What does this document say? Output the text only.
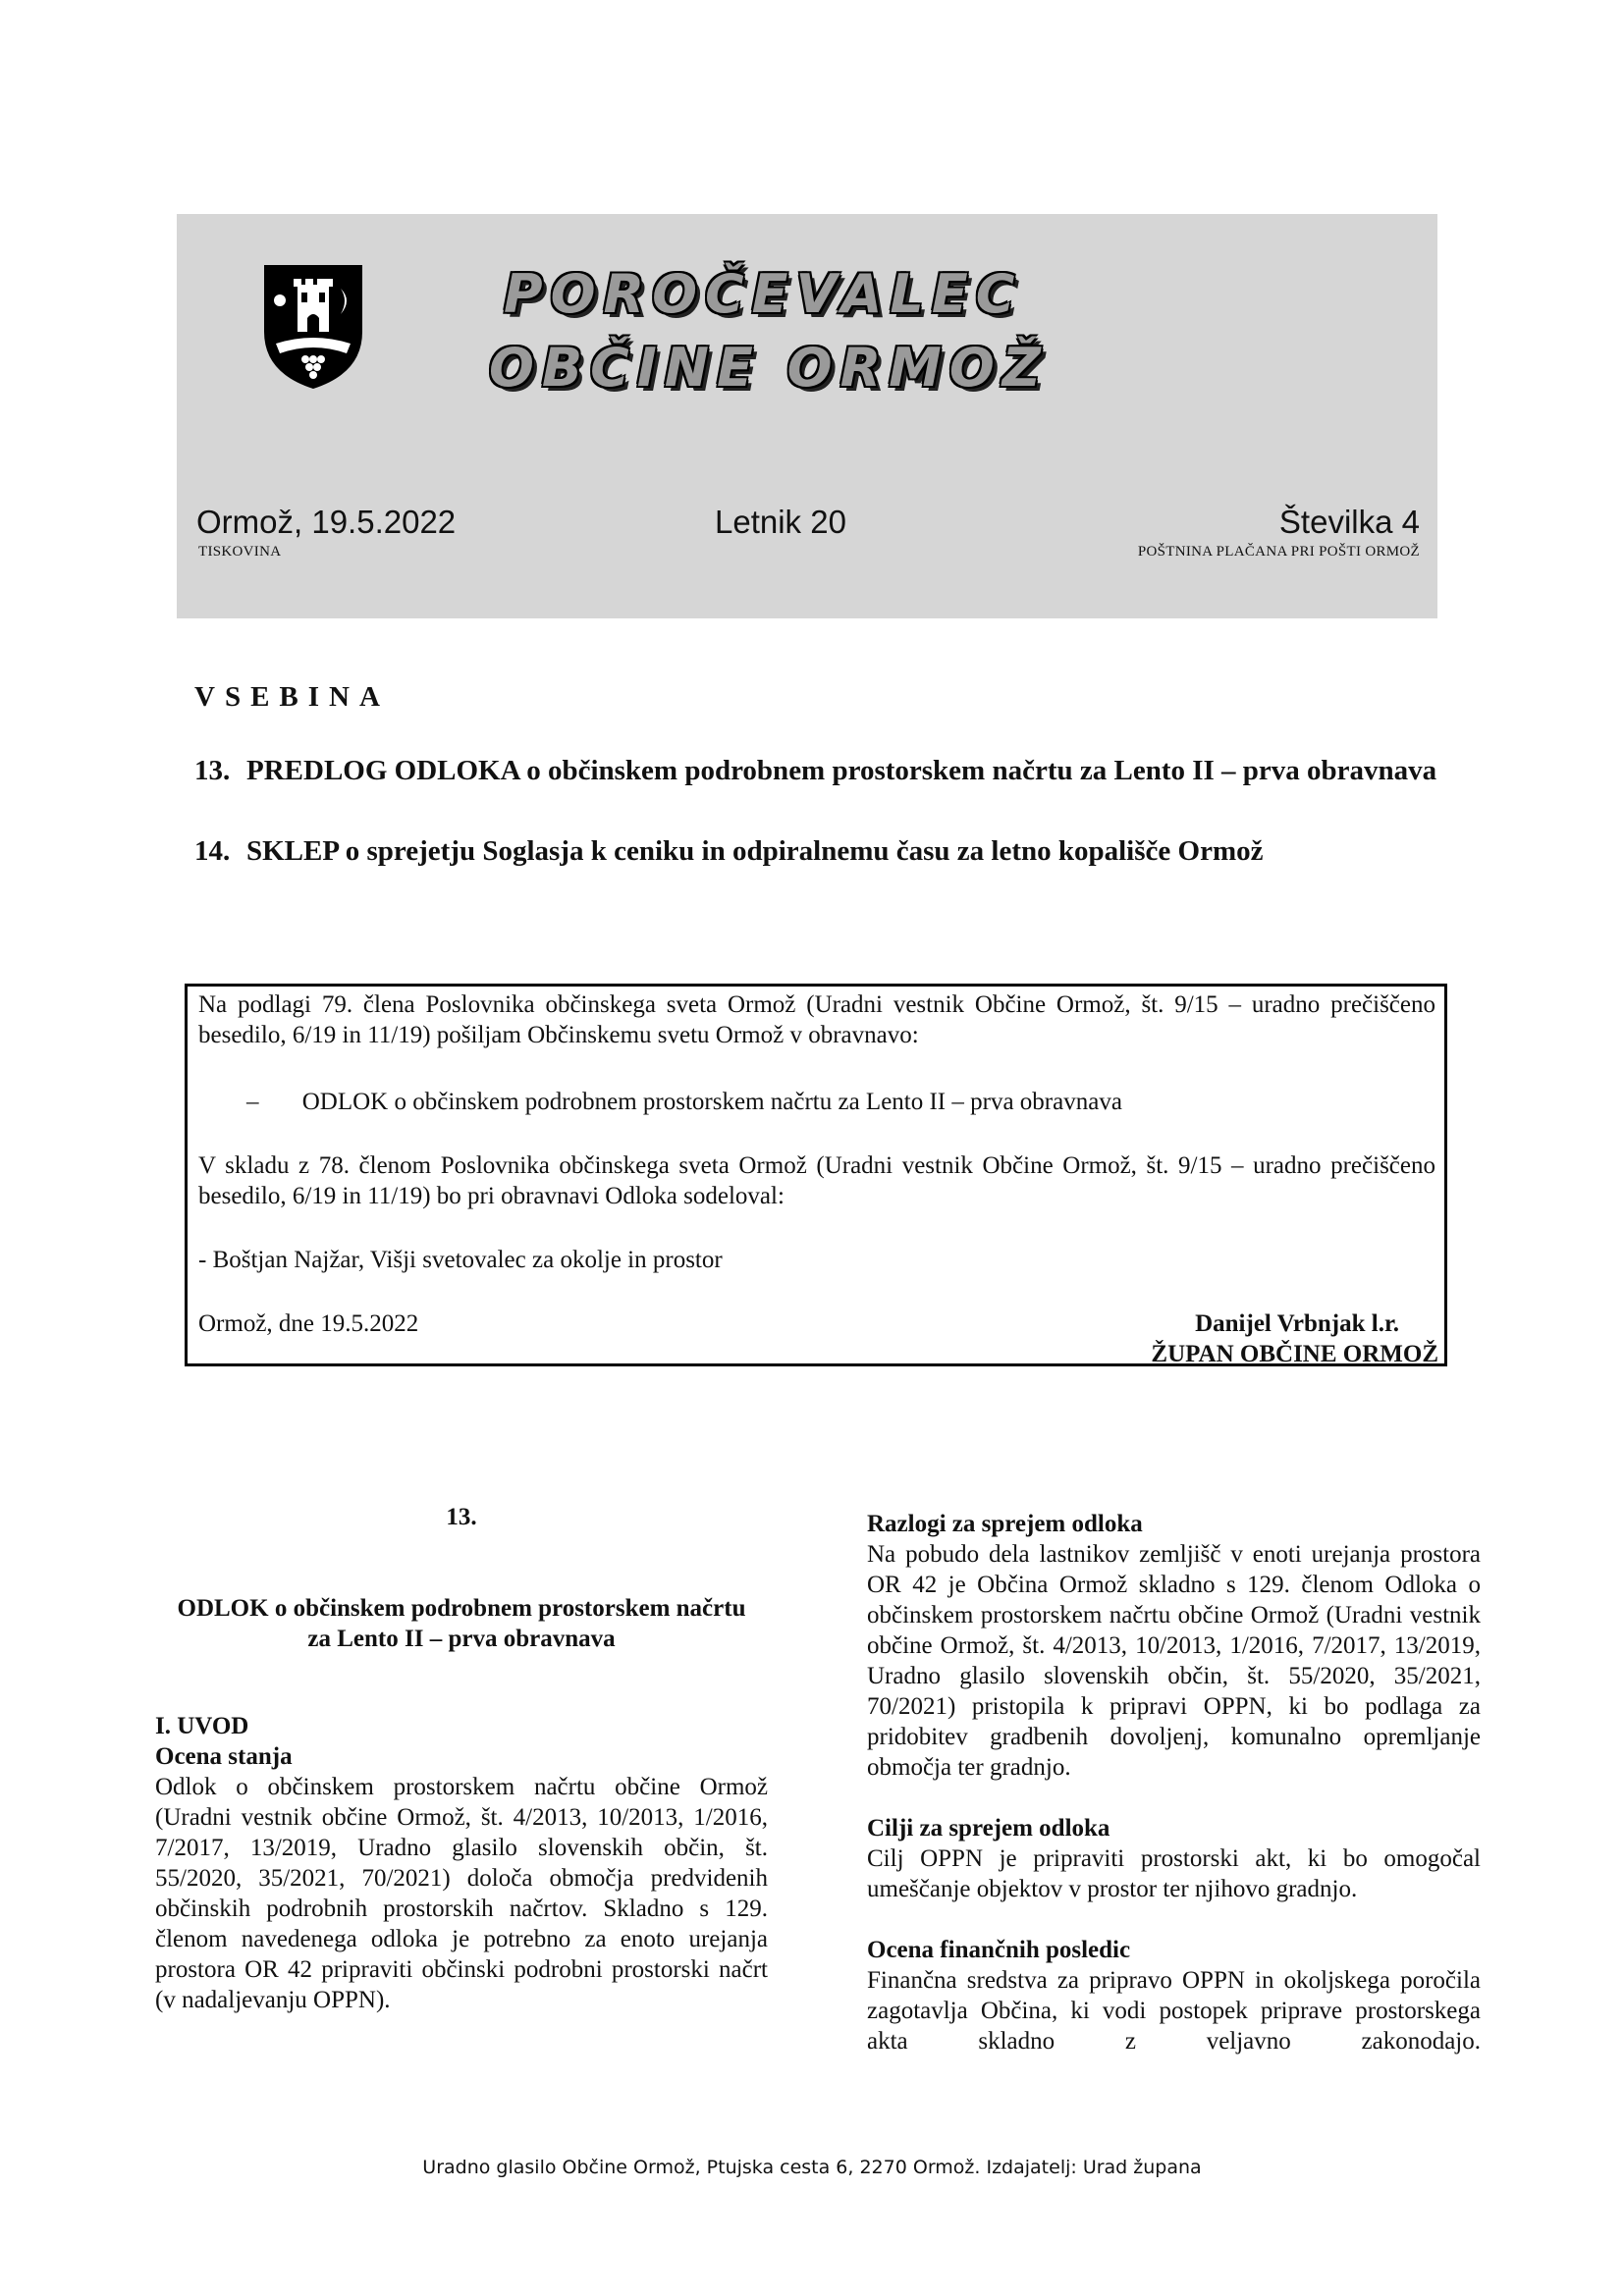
POROČEVALEC
OBČINE ORMOŽ
Ormož, 19.5.2022
TISKOVINA
Letnik 20	Številka 4
POŠTNINA PLAČANA PRI POŠTI ORMOŽ
VSEBINA
13. PREDLOG ODLOKA o občinskem podrobnem prostorskem načrtu za Lento II – prva obravnava
14. SKLEP o sprejetju Soglasja k ceniku in odpiralnemu času za letno kopališče Ormož
Na podlagi 79. člena Poslovnika občinskega sveta Ormož (Uradni vestnik Občine Ormož, št. 9/15 – uradno prečiščeno besedilo, 6/19 in 11/19) pošiljam Občinskemu svetu Ormož v obravnavo:
– ODLOK o občinskem podrobnem prostorskem načrtu za Lento II – prva obravnava
V skladu z 78. členom Poslovnika občinskega sveta Ormož (Uradni vestnik Občine Ormož, št. 9/15 – uradno prečiščeno besedilo, 6/19 in 11/19) bo pri obravnavi Odloka sodeloval:
- Boštjan Najžar, Višji svetovalec za okolje in prostor
Ormož, dne 19.5.2022	Danijel Vrbnjak l.r.
ŽUPAN OBČINE ORMOŽ
13.
ODLOK o občinskem podrobnem prostorskem načrtu za Lento II – prva obravnava
I. UVOD
Ocena stanja
Odlok o občinskem prostorskem načrtu občine Ormož (Uradni vestnik občine Ormož, št. 4/2013, 10/2013, 1/2016, 7/2017, 13/2019, Uradno glasilo slovenskih občin, št. 55/2020, 35/2021, 70/2021) določa območja predvidenih občinskih podrobnih prostorskih načrtov. Skladno s 129. členom navedenega odloka je potrebno za enoto urejanja prostora OR 42 pripraviti občinski podrobni prostorski načrt (v nadaljevanju OPPN).
Razlogi za sprejem odloka
Na pobudo dela lastnikov zemljišč v enoti urejanja prostora OR 42 je Občina Ormož skladno s 129. členom Odloka o občinskem prostorskem načrtu občine Ormož (Uradni vestnik občine Ormož, št. 4/2013, 10/2013, 1/2016, 7/2017, 13/2019, Uradno glasilo slovenskih občin, št. 55/2020, 35/2021, 70/2021) pristopila k pripravi OPPN, ki bo podlaga za pridobitev gradbenih dovoljenj, komunalno opremljanje območja ter gradnjo.
Cilji za sprejem odloka
Cilj OPPN je pripraviti prostorski akt, ki bo omogočal umeščanje objektov v prostor ter njihovo gradnjo.
Ocena finančnih posledic
Finančna sredstva za pripravo OPPN in okoljskega poročila zagotavlja Občina, ki vodi postopek priprave prostorskega akta skladno z veljavno zakonodajo.
Uradno glasilo Občine Ormož, Ptujska cesta 6, 2270 Ormož. Izdajatelj: Urad župana
